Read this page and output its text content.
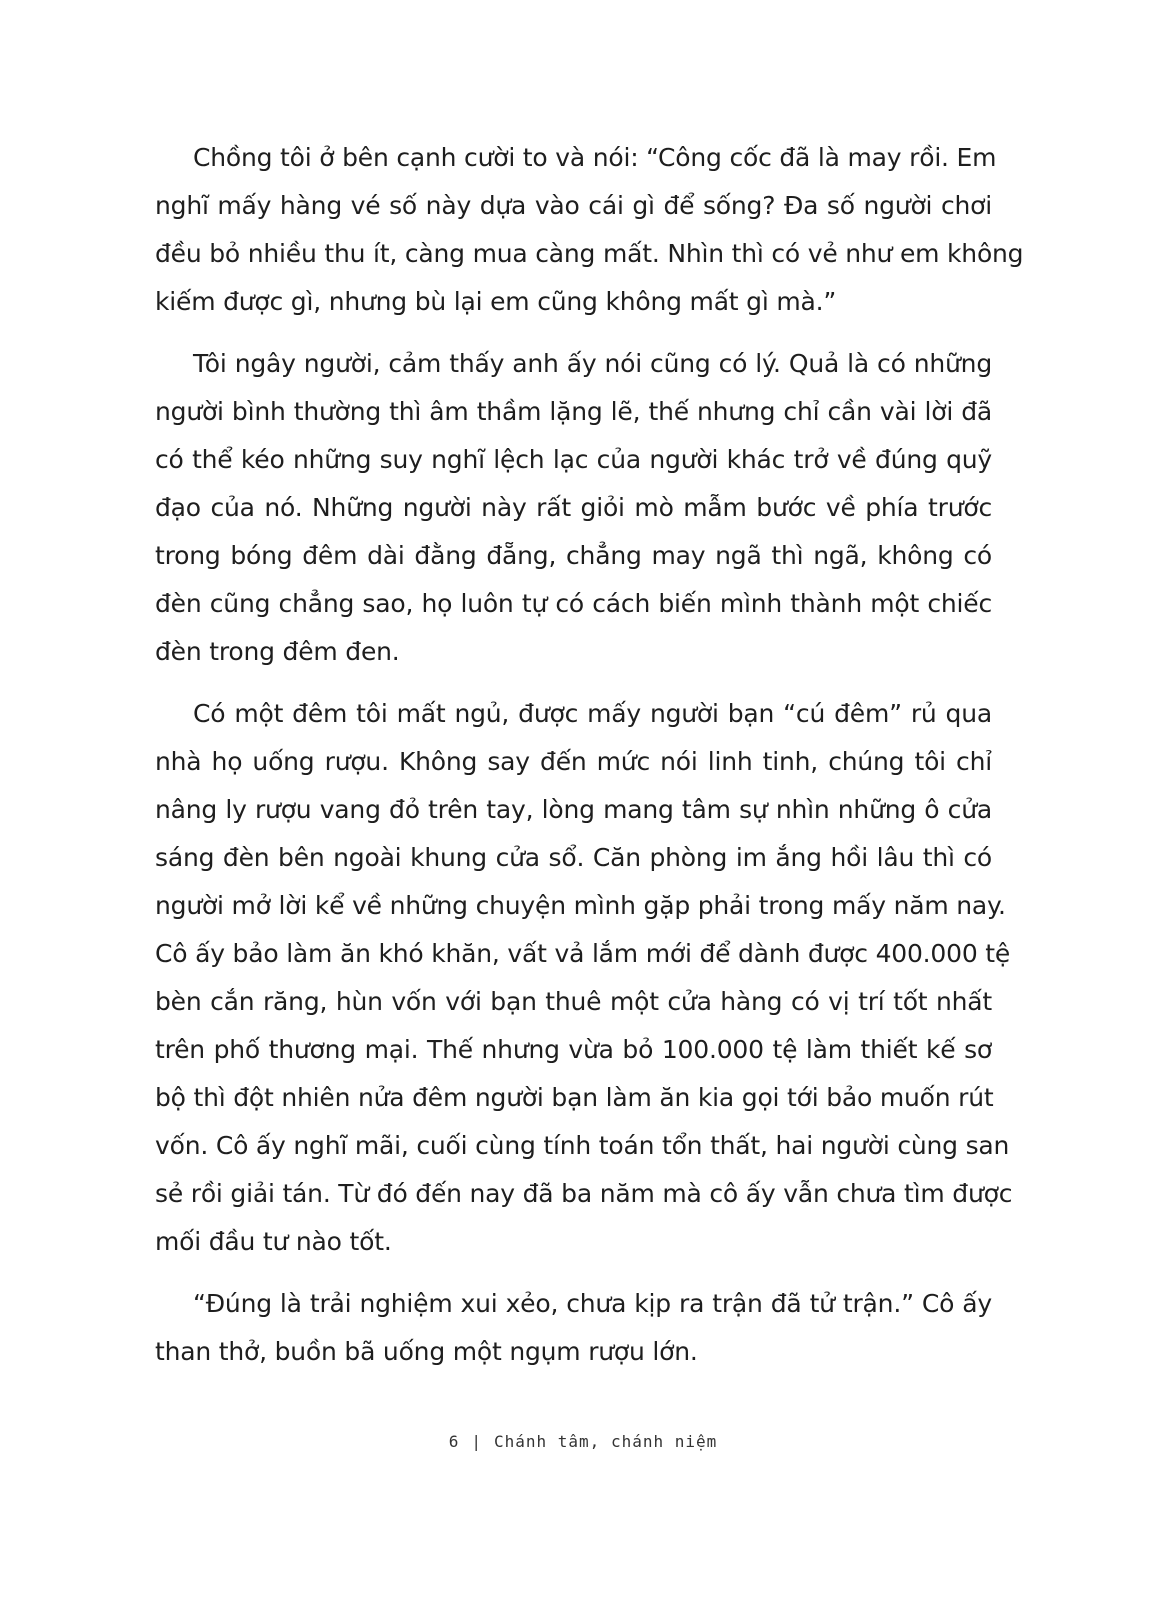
Chồng tôi ở bên cạnh cười to và nói: “Công cốc đã là may rồi. Em
nghĩ mấy hàng vé số này dựa vào cái gì để sống? Đa số người chơi
đều bỏ nhiều thu ít, càng mua càng mất. Nhìn thì có vẻ như em không
kiếm được gì, nhưng bù lại em cũng không mất gì mà.”
Tôi ngây người, cảm thấy anh ấy nói cũng có lý. Quả là có những
người bình thường thì âm thầm lặng lẽ, thế nhưng chỉ cần vài lời đã
có thể kéo những suy nghĩ lệch lạc của người khác trở về đúng quỹ
đạo của nó. Những người này rất giỏi mò mẫm bước về phía trước
trong bóng đêm dài đằng đẵng, chẳng may ngã thì ngã, không có
đèn cũng chẳng sao, họ luôn tự có cách biến mình thành một chiếc
đèn trong đêm đen.
Có một đêm tôi mất ngủ, được mấy người bạn “cú đêm” rủ qua
nhà họ uống rượu. Không say đến mức nói linh tinh, chúng tôi chỉ
nâng ly rượu vang đỏ trên tay, lòng mang tâm sự nhìn những ô cửa
sáng đèn bên ngoài khung cửa sổ. Căn phòng im ắng hồi lâu thì có
người mở lời kể về những chuyện mình gặp phải trong mấy năm nay.
Cô ấy bảo làm ăn khó khăn, vất vả lắm mới để dành được 400.000 tệ
bèn cắn răng, hùn vốn với bạn thuê một cửa hàng có vị trí tốt nhất
trên phố thương mại. Thế nhưng vừa bỏ 100.000 tệ làm thiết kế sơ
bộ thì đột nhiên nửa đêm người bạn làm ăn kia gọi tới bảo muốn rút
vốn. Cô ấy nghĩ mãi, cuối cùng tính toán tổn thất, hai người cùng san
sẻ rồi giải tán. Từ đó đến nay đã ba năm mà cô ấy vẫn chưa tìm được
mối đầu tư nào tốt.
“Đúng là trải nghiệm xui xẻo, chưa kịp ra trận đã tử trận.” Cô ấy
than thở, buồn bã uống một ngụm rượu lớn.
6 | Chánh tâm, chánh niệm
